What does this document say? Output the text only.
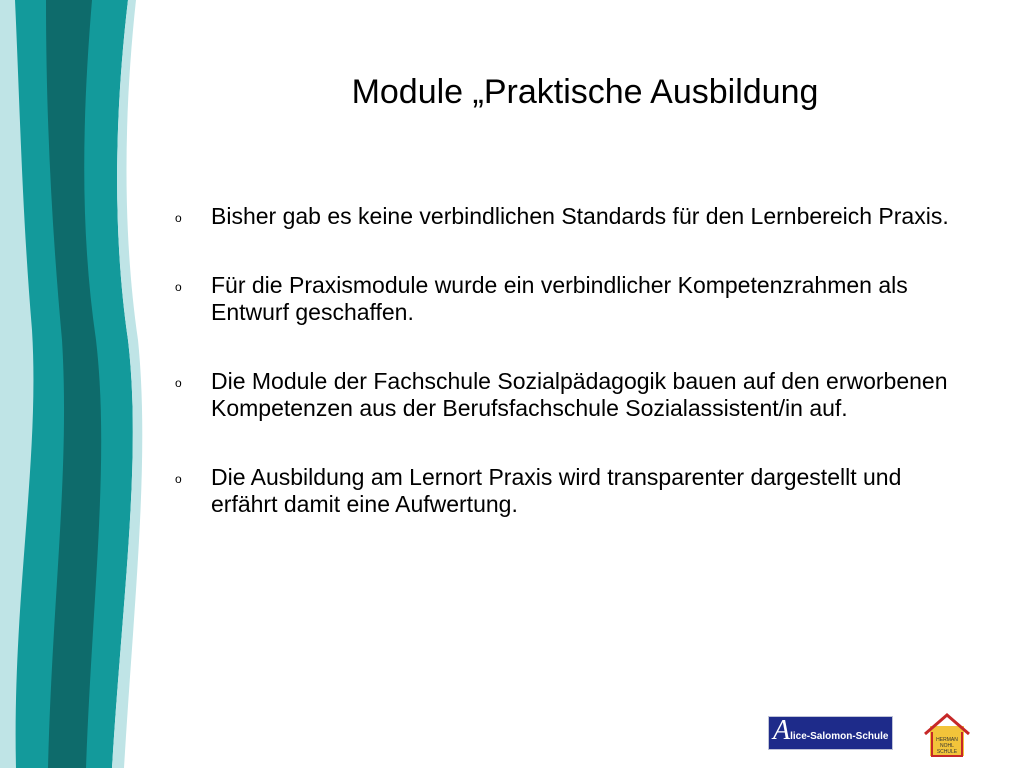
Module „Praktische Ausbildung
o Bisher gab es keine verbindlichen Standards für den Lernbereich Praxis.
o Für die Praxismodule wurde ein verbindlicher Kompetenzrahmen als Entwurf geschaffen.
o Die Module der Fachschule Sozialpädagogik bauen auf den erworbenen Kompetenzen aus der Berufsfachschule Sozialassistent/in auf.
o Die Ausbildung am Lernort Praxis wird transparenter dargestellt und erfährt damit eine Aufwertung.
A lice-Salomon-Schule	HERMAN
NOHL
SCHULE
